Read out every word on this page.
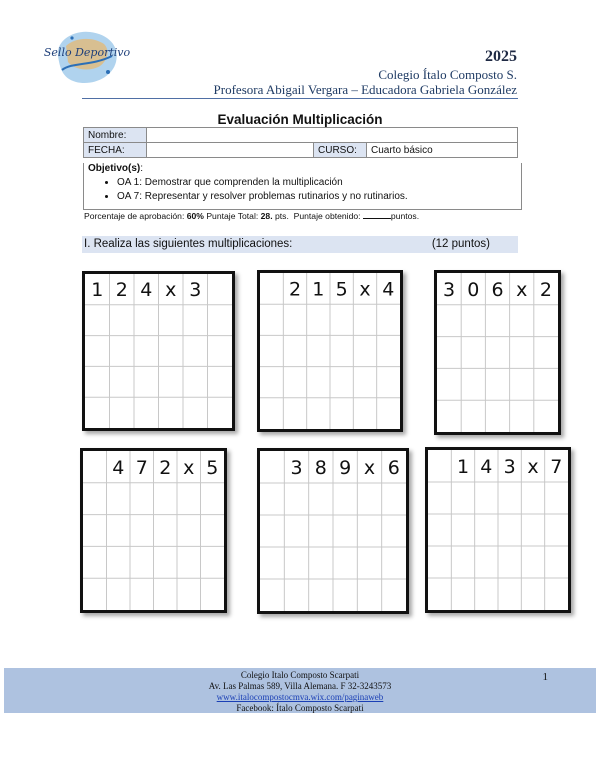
Sello Deportivo	2025
Colegio Ítalo Composto S.
Profesora Abigail Vergara – Educadora Gabriela González
Evaluación Multiplicación
Nombre:			
FECHA:		CURSO:	Cuarto básico
Objetivo(s):
• OA 1: Demostrar que comprenden la multiplicación
• OA 7: Representar y resolver problemas rutinarios y no rutinarios.
Porcentaje de aprobación: 60% Puntaje Total: 28. pts. Puntaje obtenido:	puntos.
I. Realiza las siguientes multiplicaciones:	(12 puntos)
1 2 4 x 3	2 1 5 x 4	3 0 6 x 2
4 7 2 x 5	3 8 9 x 6	1 4 3 x 7
Colegio Italo Composto Scarpati
Av. Las Palmas 589, Villa Alemana. F 32-3243573
www.italocompostocmva.wix.com/paginaweb
Facebook: Ítalo Composto Scarpati
1
